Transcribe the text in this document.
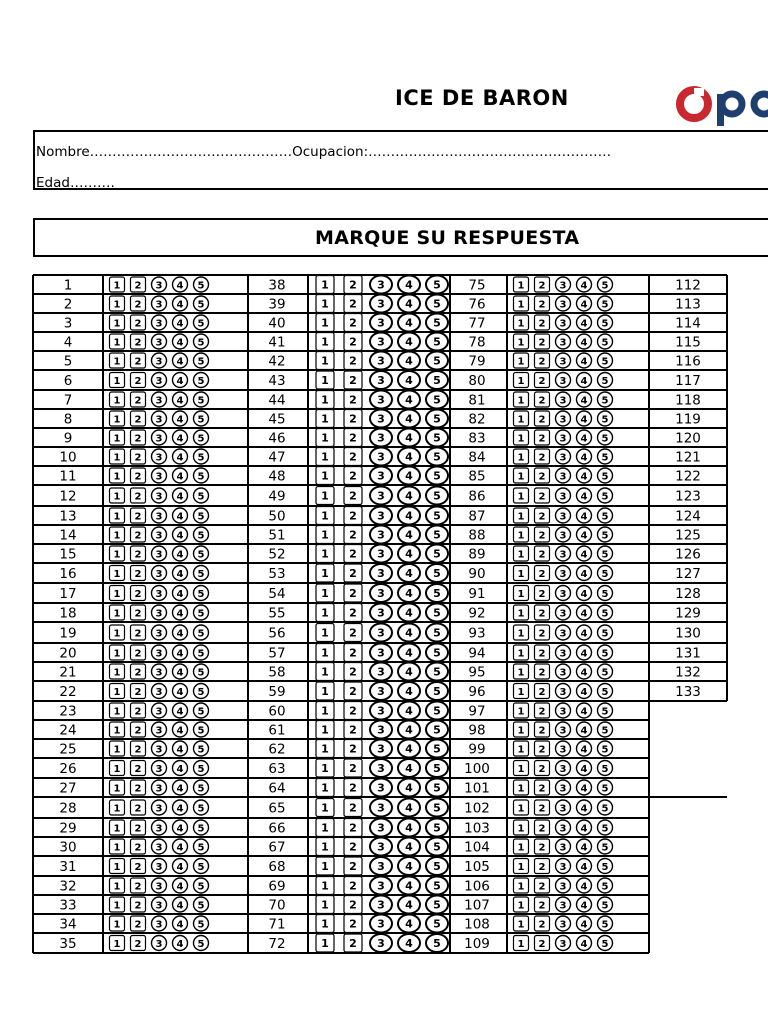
ICE DE BARON
Nombre………………………………………Ocupacion:………………………………………………
Edad……….
MARQUE SU RESPUESTA
1	1 2 3 4 5
2	1 2 3 4 5
3	1 2 3 4 5
4	1 2 3 4 5
5	1 2 3 4 5
6	1 2 3 4 5
7	1 2 3 4 5
8	1 2 3 4 5
9	1 2 3 4 5
10	1 2 3 4 5
11	1 2 3 4 5
12	1 2 3 4 5
13	1 2 3 4 5
14	1 2 3 4 5
15	1 2 3 4 5
16	1 2 3 4 5
17	1 2 3 4 5
18	1 2 3 4 5
19	1 2 3 4 5
20	1 2 3 4 5
21	1 2 3 4 5
22	1 2 3 4 5
23	1 2 3 4 5
24	1 2 3 4 5
25	1 2 3 4 5
26	1 2 3 4 5
27	1 2 3 4 5
28	1 2 3 4 5
29	1 2 3 4 5
30	1 2 3 4 5
31	1 2 3 4 5
32	1 2 3 4 5
33	1 2 3 4 5
34	1 2 3 4 5
35	1 2 3 4 5
38	1 2 3 4 5
39	1 2 3 4 5
40	1 2 3 4 5
41	1 2 3 4 5
42	1 2 3 4 5
43	1 2 3 4 5
44	1 2 3 4 5
45	1 2 3 4 5
46	1 2 3 4 5
47	1 2 3 4 5
48	1 2 3 4 5
49	1 2 3 4 5
50	1 2 3 4 5
51	1 2 3 4 5
52	1 2 3 4 5
53	1 2 3 4 5
54	1 2 3 4 5
55	1 2 3 4 5
56	1 2 3 4 5
57	1 2 3 4 5
58	1 2 3 4 5
59	1 2 3 4 5
60	1 2 3 4 5
61	1 2 3 4 5
62	1 2 3 4 5
63	1 2 3 4 5
64	1 2 3 4 5
65	1 2 3 4 5
66	1 2 3 4 5
67	1 2 3 4 5
68	1 2 3 4 5
69	1 2 3 4 5
70	1 2 3 4 5
71	1 2 3 4 5
72	1 2 3 4 5
75	1 2 3 4 5
76	1 2 3 4 5
77	1 2 3 4 5
78	1 2 3 4 5
79	1 2 3 4 5
80	1 2 3 4 5
81	1 2 3 4 5
82	1 2 3 4 5
83	1 2 3 4 5
84	1 2 3 4 5
85	1 2 3 4 5
86	1 2 3 4 5
87	1 2 3 4 5
88	1 2 3 4 5
89	1 2 3 4 5
90	1 2 3 4 5
91	1 2 3 4 5
92	1 2 3 4 5
93	1 2 3 4 5
94	1 2 3 4 5
95	1 2 3 4 5
96	1 2 3 4 5
97	1 2 3 4 5
98	1 2 3 4 5
99	1 2 3 4 5
100	1 2 3 4 5
101	1 2 3 4 5
102	1 2 3 4 5
103	1 2 3 4 5
104	1 2 3 4 5
105	1 2 3 4 5
106	1 2 3 4 5
107	1 2 3 4 5
108	1 2 3 4 5
109	1 2 3 4 5
112
113
114
115
116
117
118
119
120
121
122
123
124
125
126
127
128
129
130
131
132
133
